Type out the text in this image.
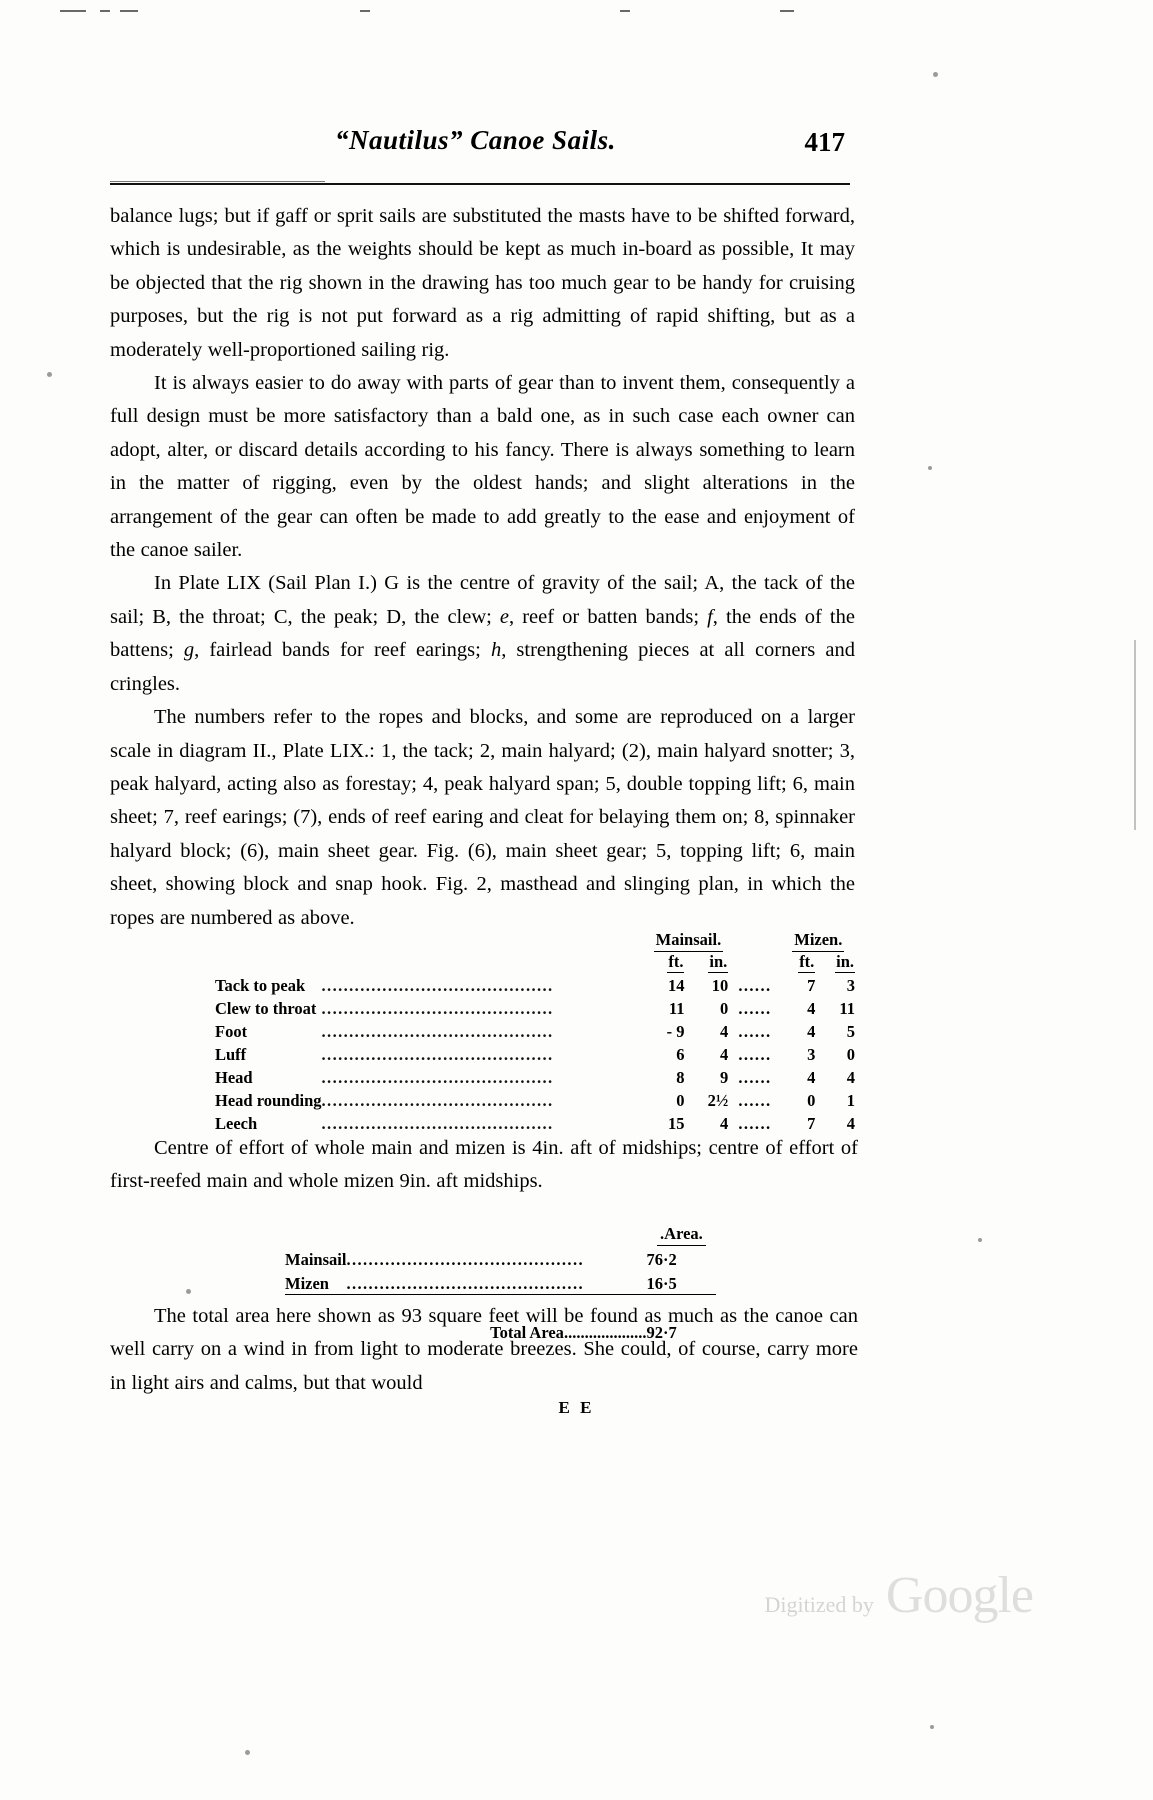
“Nautilus” Canoe Sails.	417

balance lugs; but if gaff or sprit sails are substituted the masts have to be shifted forward, which is undesirable, as the weights should be kept as much in-board as possible, It may be objected that the rig shown in the drawing has too much gear to be handy for cruising purposes, but the rig is not put forward as a rig admitting of rapid shifting, but as a moderately well-proportioned sailing rig.

It is always easier to do away with parts of gear than to invent them, consequently a full design must be more satisfactory than a bald one, as in such case each owner can adopt, alter, or discard details according to his fancy. There is always something to learn in the matter of rigging, even by the oldest hands; and slight alterations in the arrangement of the gear can often be made to add greatly to the ease and enjoyment of the canoe sailer.

In Plate LIX (Sail Plan I.) G is the centre of gravity of the sail; A, the tack of the sail; B, the throat; C, the peak; D, the clew; e, reef or batten bands; f, the ends of the battens; g, fairlead bands for reef earings; h, strengthening pieces at all corners and cringles.

The numbers refer to the ropes and blocks, and some are reproduced on a larger scale in diagram II., Plate LIX.: 1, the tack; 2, main halyard; (2), main halyard snotter; 3, peak halyard, acting also as forestay; 4, peak halyard span; 5, double topping lift; 6, main sheet; 7, reef earings; (7), ends of reef earing and cleat for belaying them on; 8, spinnaker halyard block; (6), main sheet gear. Fig. (6), main sheet gear; 5, topping lift; 6, main sheet, showing block and snap hook. Fig. 2, masthead and slinging plan, in which the ropes are numbered as above.

		Mainsail.			Mizen.	
		ft.	in.		ft.	in.
Tack to peak	..........................................	14	10	......	7	3
Clew to throat	..........................................	11	0	......	4	11
Foot	..........................................	- 9	4	......	4	5
Luff	..........................................	6	4	......	3	0
Head	..........................................	8	9	......	4	4
Head rounding	..........................................	0	2½	......	0	1
Leech	..........................................	15	4	......	7	4

Centre of effort of whole main and mizen is 4in. aft of midships; centre of effort of first-reefed main and whole mizen 9in. aft midships.

		.Area.
Mainsail	...........................................	76·2
Mizen	...........................................	16·5

	Total Area....................	92·7

The total area here shown as 93 square feet will be found as much as the canoe can well carry on a wind in from light to moderate breezes. She could, of course, carry more in light airs and calms, but that would

E E
Digitized by Google
